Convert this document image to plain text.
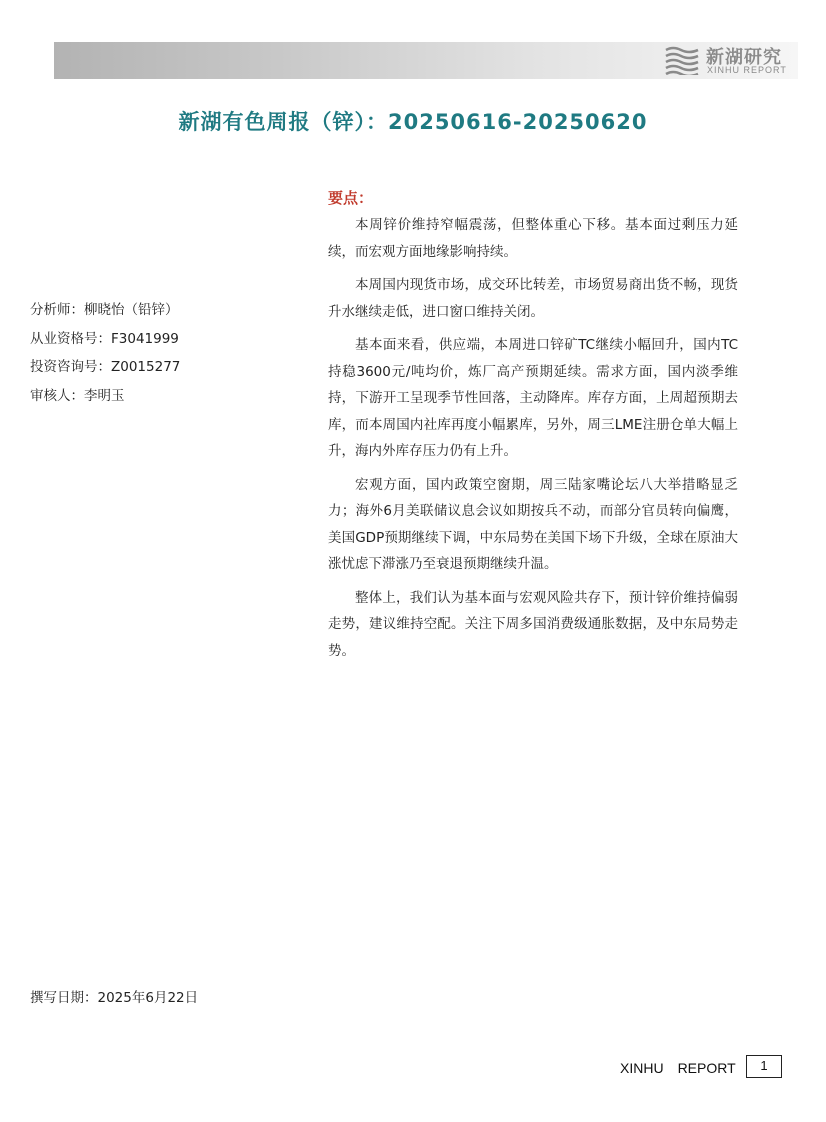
新湖研究
XINHU REPORT
新湖有色周报（锌）：20250616-20250620
分析师：柳晓怡（铅锌）
从业资格号：F3041999
投资咨询号：Z0015277
审核人：李明玉
要点：

本周锌价维持窄幅震荡，但整体重心下移。基本面过剩压力延续，而宏观方面地缘影响持续。

本周国内现货市场，成交环比转差，市场贸易商出货不畅，现货升水继续走低，进口窗口维持关闭。

基本面来看，供应端，本周进口锌矿TC继续小幅回升，国内TC持稳3600元/吨均价，炼厂高产预期延续。需求方面，国内淡季维持，下游开工呈现季节性回落，主动降库。库存方面，上周超预期去库，而本周国内社库再度小幅累库，另外，周三LME注册仓单大幅上升，海内外库存压力仍有上升。

宏观方面，国内政策空窗期，周三陆家嘴论坛八大举措略显乏力；海外6月美联储议息会议如期按兵不动，而部分官员转向偏鹰，美国GDP预期继续下调，中东局势在美国下场下升级，全球在原油大涨忧虑下滞涨乃至衰退预期继续升温。

整体上，我们认为基本面与宏观风险共存下，预计锌价维持偏弱走势，建议维持空配。关注下周多国消费级通胀数据，及中东局势走势。

撰写日期：2025年6月22日
XINHU REPORT	1
